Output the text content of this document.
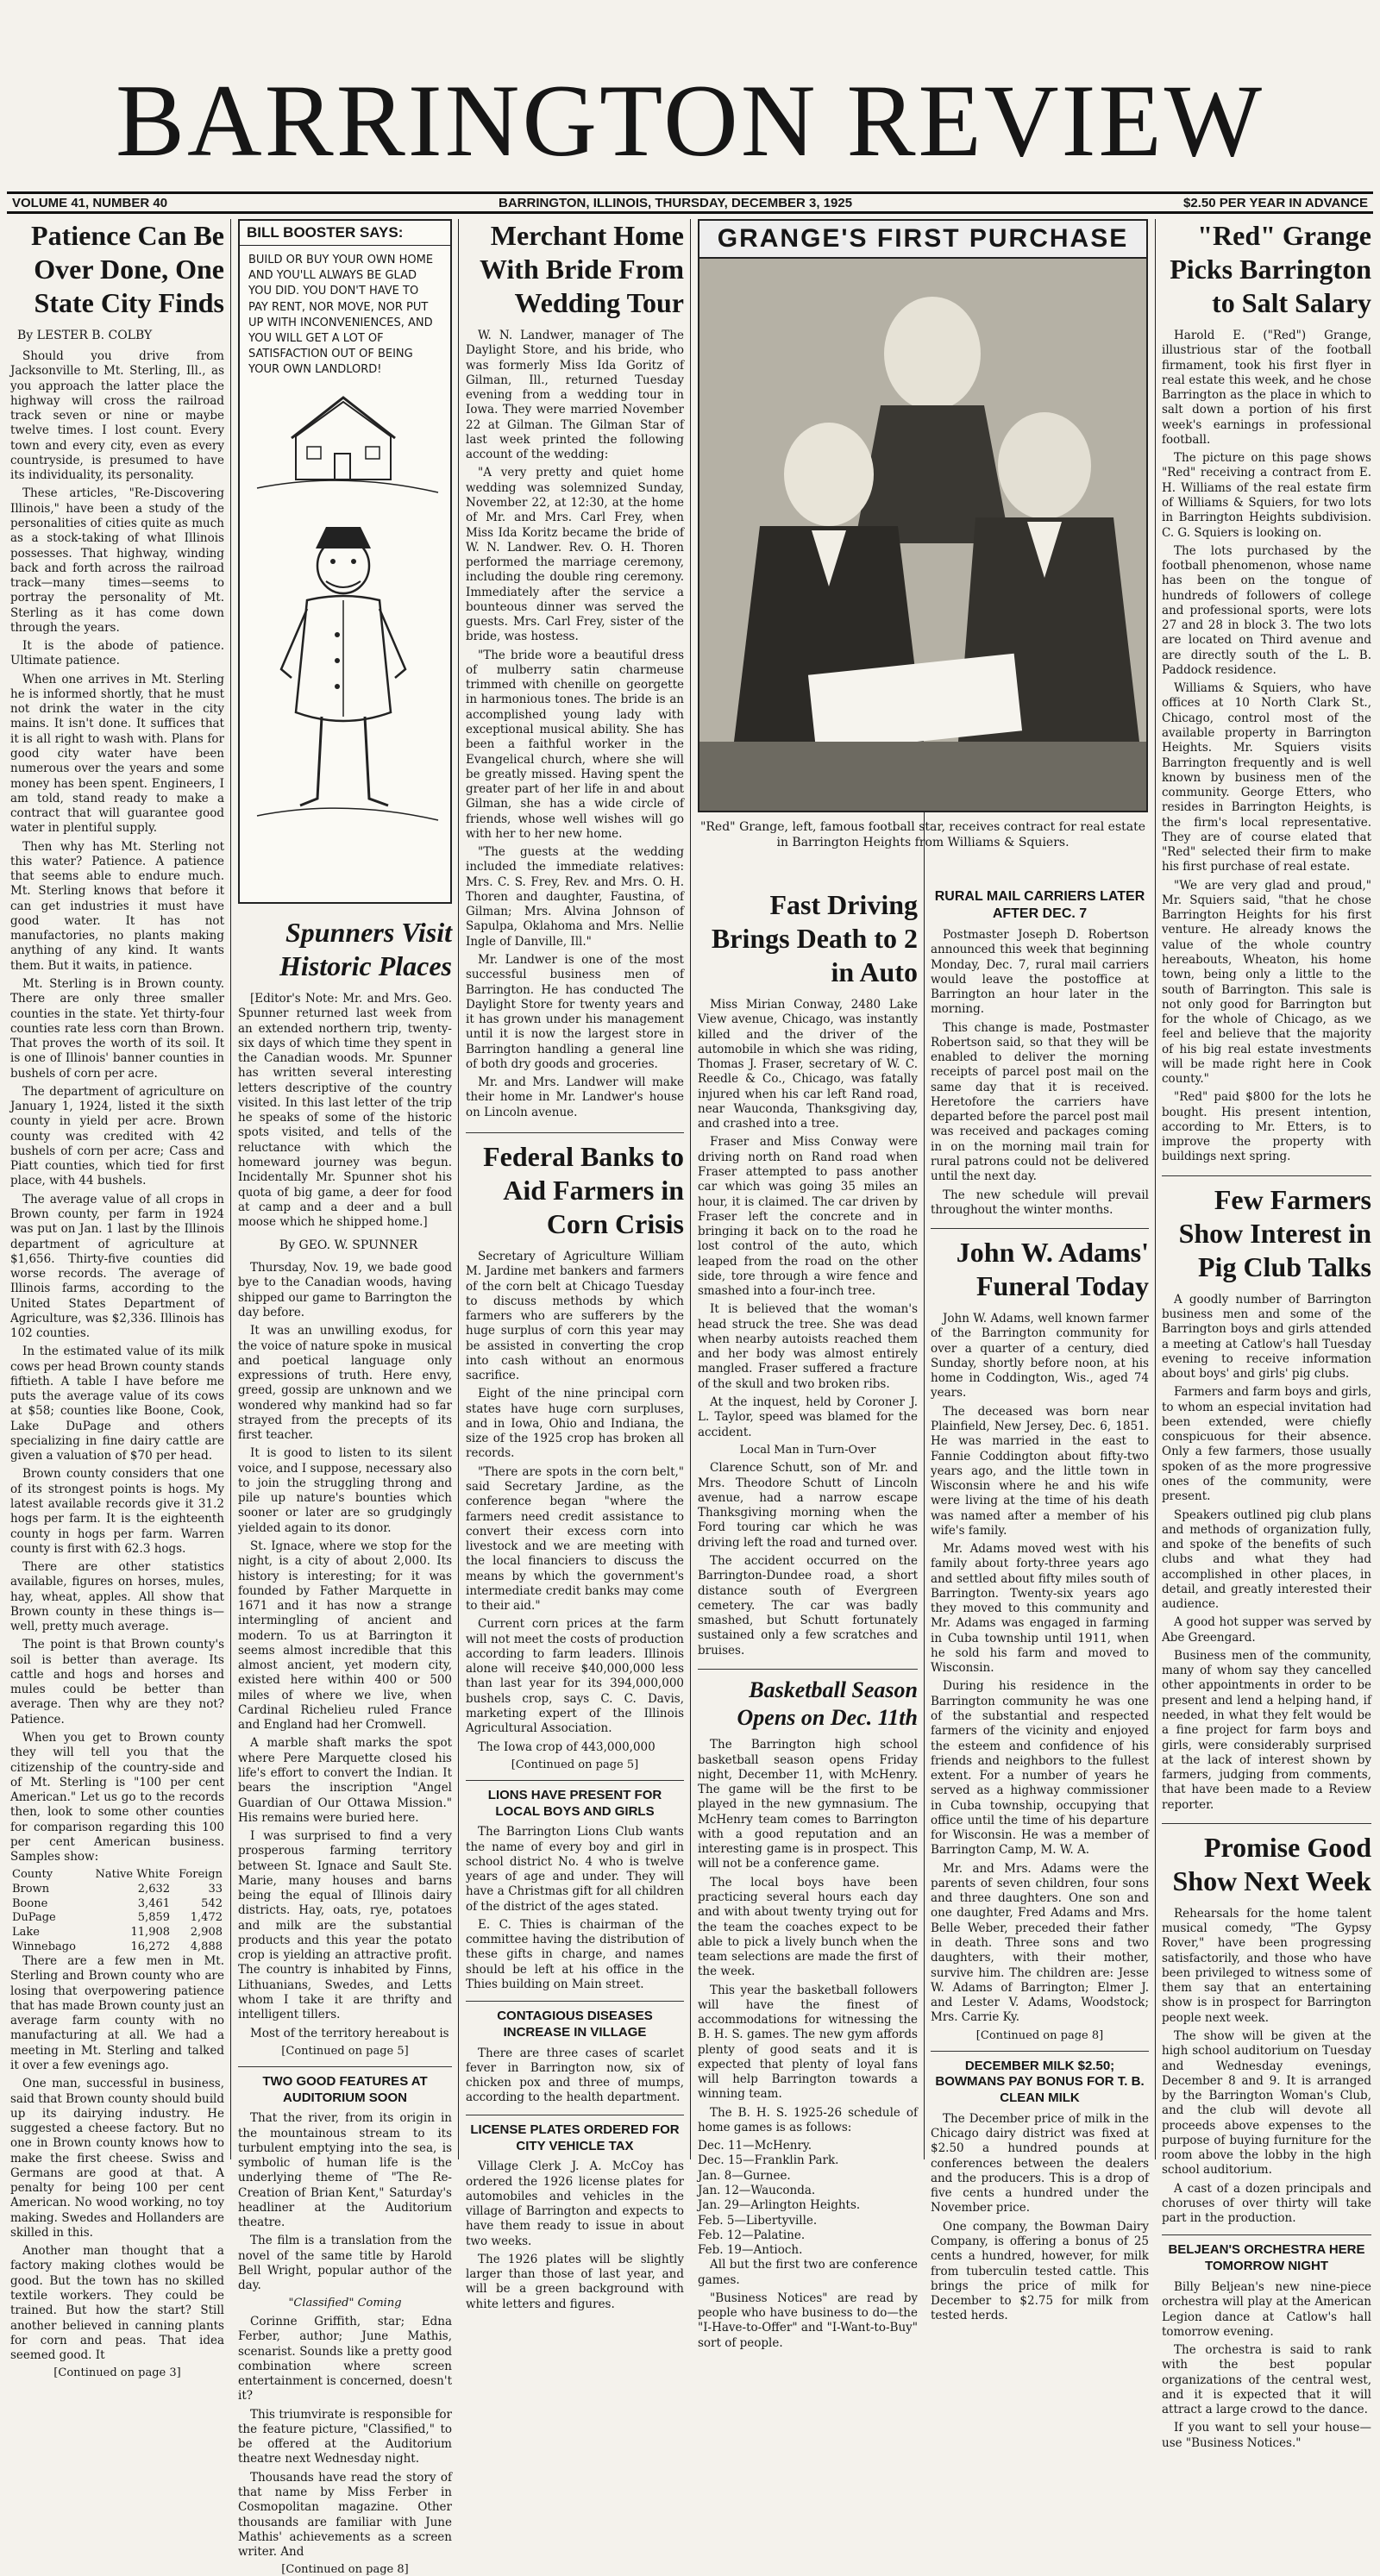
BARRINGTON REVIEW
VOLUME 41, NUMBER 40	BARRINGTON, ILLINOIS, THURSDAY, DECEMBER 3, 1925	$2.50 PER YEAR IN ADVANCE
Patience Can Be Over Done, One State City Finds
By LESTER B. COLBY

Should you drive from Jacksonville to Mt. Sterling, Ill., as you approach the latter place the highway will cross the railroad track seven or nine or maybe twelve times. I lost count. Every town and every city, even as every countryside, is presumed to have its individuality, its personality.

These articles, "Re-Discovering Illinois," have been a study of the personalities of cities quite as much as a stock-taking of what Illinois possesses. That highway, winding back and forth across the railroad track—many times—seems to portray the personality of Mt. Sterling as it has come down through the years.

It is the abode of patience. Ultimate patience.

When one arrives in Mt. Sterling he is informed shortly, that he must not drink the water in the city mains. It isn't done. It suffices that it is all right to wash with. Plans for good city water have been numerous over the years and some money has been spent. Engineers, I am told, stand ready to make a contract that will guarantee good water in plentiful supply.

Then why has Mt. Sterling not this water? Patience. A patience that seems able to endure much. Mt. Sterling knows that before it can get industries it must have good water. It has not manufactories, no plants making anything of any kind. It wants them. But it waits, in patience.

Mt. Sterling is in Brown county. There are only three smaller counties in the state. Yet thirty-four counties rate less corn than Brown. That proves the worth of its soil. It is one of Illinois' banner counties in bushels of corn per acre.

The department of agriculture on January 1, 1924, listed it the sixth county in yield per acre. Brown county was credited with 42 bushels of corn per acre; Cass and Piatt counties, which tied for first place, with 44 bushels.

The average value of all crops in Brown county, per farm in 1924 was put on Jan. 1 last by the Illinois department of agriculture at $1,656. Thirty-five counties did worse records. The average of Illinois farms, according to the United States Department of Agriculture, was $2,336. Illinois has 102 counties.

In the estimated value of its milk cows per head Brown county stands fiftieth. A table I have before me puts the average value of its cows at $58; counties like Boone, Cook, Lake DuPage and others specializing in fine dairy cattle are given a valuation of $70 per head.

Brown county considers that one of its strongest points is hogs. My latest available records give it 31.2 hogs per farm. It is the eighteenth county in hogs per farm. Warren county is first with 62.3 hogs.

There are other statistics available, figures on horses, mules, hay, wheat, apples. All show that Brown county in these things is—well, pretty much average.

The point is that Brown county's soil is better than average. Its cattle and hogs and horses and mules could be better than average. Then why are they not? Patience.

When you get to Brown county they will tell you that the citizenship of the country-side and of Mt. Sterling is "100 per cent American." Let us go to the records then, look to some other counties for comparison regarding this 100 per cent American business. Samples show:

County	Native White	Foreign
Brown	2,632	33
Boone	3,461	542
DuPage	5,859	1,472
Lake	11,908	2,908
Winnebago	16,272	4,888

There are a few men in Mt. Sterling and Brown county who are losing that overpowering patience that has made Brown county just an average farm county with no manufacturing at all. We had a meeting in Mt. Sterling and talked it over a few evenings ago.

One man, successful in business, said that Brown county should build up its dairying industry. He suggested a cheese factory. But no one in Brown county knows how to make the first cheese. Swiss and Germans are good at that. A penalty for being 100 per cent American. No wood working, no toy making. Swedes and Hollanders are skilled in this.

Another man thought that a factory making clothes would be good. But the town has no skilled textile workers. They could be trained. But how the start? Still another believed in canning plants for corn and peas. That idea seemed good. It

[Continued on page 3]
BILL BOOSTER SAYS:
BUILD OR BUY YOUR OWN HOME AND YOU'LL ALWAYS BE GLAD YOU DID. YOU DON'T HAVE TO PAY RENT, NOR MOVE, NOR PUT UP WITH INCONVENIENCES, AND YOU WILL GET A LOT OF SATISFACTION OUT OF BEING YOUR OWN LANDLORD!
Spunners Visit Historic Places

[Editor's Note: Mr. and Mrs. Geo. Spunner returned last week from an extended northern trip, twenty-six days of which time they spent in the Canadian woods. Mr. Spunner has written several interesting letters descriptive of the country visited. In this last letter of the trip he speaks of some of the historic spots visited, and tells of the reluctance with which the homeward journey was begun. Incidentally Mr. Spunner shot his quota of big game, a deer for food at camp and a deer and a bull moose which he shipped home.]

By GEO. W. SPUNNER

Thursday, Nov. 19, we bade good bye to the Canadian woods, having shipped our game to Barrington the day before.

It was an unwilling exodus, for the voice of nature spoke in musical and poetical language only expressions of truth. Here envy, greed, gossip are unknown and we wondered why mankind had so far strayed from the precepts of its first teacher.

It is good to listen to its silent voice, and I suppose, necessary also to join the struggling throng and pile up nature's bounties which sooner or later are so grudgingly yielded again to its donor.

St. Ignace, where we stop for the night, is a city of about 2,000. Its history is interesting; for it was founded by Father Marquette in 1671 and it has now a strange intermingling of ancient and modern. To us at Barrington it seems almost incredible that this almost ancient, yet modern city, existed here within 400 or 500 miles of where we live, when Cardinal Richelieu ruled France and England had her Cromwell.

A marble shaft marks the spot where Pere Marquette closed his life's effort to convert the Indian. It bears the inscription "Angel Guardian of Our Ottawa Mission." His remains were buried here.

I was surprised to find a very prosperous farming territory between St. Ignace and Sault Ste. Marie, many houses and barns being the equal of Illinois dairy districts. Hay, oats, rye, potatoes and milk are the substantial products and this year the potato crop is yielding an attractive profit. The country is inhabited by Finns, Lithuanians, Swedes, and Letts whom I take it are thrifty and intelligent tillers.

Most of the territory hereabout is

[Continued on page 5]
TWO GOOD FEATURES AT AUDITORIUM SOON

That the river, from its origin in the mountainous stream to its turbulent emptying into the sea, is symbolic of human life is the underlying theme of "The Re-Creation of Brian Kent," Saturday's headliner at the Auditorium theatre.

The film is a translation from the novel of the same title by Harold Bell Wright, popular author of the day.

"Classified" Coming

Corinne Griffith, star; Edna Ferber, author; June Mathis, scenarist. Sounds like a pretty good combination where screen entertainment is concerned, doesn't it?

This triumvirate is responsible for the feature picture, "Classified," to be offered at the Auditorium theatre next Wednesday night.

Thousands have read the story of that name by Miss Ferber in Cosmopolitan magazine. Other thousands are familiar with June Mathis' achievements as a screen writer. And

[Continued on page 8]
Merchant Home With Bride From Wedding Tour

W. N. Landwer, manager of The Daylight Store, and his bride, who was formerly Miss Ida Goritz of Gilman, Ill., returned Tuesday evening from a wedding tour in Iowa. They were married November 22 at Gilman. The Gilman Star of last week printed the following account of the wedding:

"A very pretty and quiet home wedding was solemnized Sunday, November 22, at 12:30, at the home of Mr. and Mrs. Carl Frey, when Miss Ida Koritz became the bride of W. N. Landwer. Rev. O. H. Thoren performed the marriage ceremony, including the double ring ceremony. Immediately after the service a bounteous dinner was served the guests. Mrs. Carl Frey, sister of the bride, was hostess.

"The bride wore a beautiful dress of mulberry satin charmeuse trimmed with chenille on georgette in harmonious tones. The bride is an accomplished young lady with exceptional musical ability. She has been a faithful worker in the Evangelical church, where she will be greatly missed. Having spent the greater part of her life in and about Gilman, she has a wide circle of friends, whose well wishes will go with her to her new home.

"The guests at the wedding included the immediate relatives: Mrs. C. S. Frey, Rev. and Mrs. O. H. Thoren and daughter, Faustina, of Gilman; Mrs. Alvina Johnson of Sapulpa, Oklahoma and Mrs. Nellie Ingle of Danville, Ill."

Mr. Landwer is one of the most successful business men of Barrington. He has conducted The Daylight Store for twenty years and it has grown under his management until it is now the largest store in Barrington handling a general line of both dry goods and groceries.

Mr. and Mrs. Landwer will make their home in Mr. Landwer's house on Lincoln avenue.

Federal Banks to Aid Farmers in Corn Crisis

Secretary of Agriculture William M. Jardine met bankers and farmers of the corn belt at Chicago Tuesday to discuss methods by which farmers who are sufferers by the huge surplus of corn this year may be assisted in converting the crop into cash without an enormous sacrifice.

Eight of the nine principal corn states have huge corn surpluses, and in Iowa, Ohio and Indiana, the size of the 1925 crop has broken all records.

"There are spots in the corn belt," said Secretary Jardine, as the conference began "where the farmers need credit assistance to convert their excess corn into livestock and we are meeting with the local financiers to discuss the means by which the government's intermediate credit banks may come to their aid."

Current corn prices at the farm will not meet the costs of production according to farm leaders. Illinois alone will receive $40,000,000 less than last year for its 394,000,000 bushels crop, says C. C. Davis, marketing expert of the Illinois Agricultural Association.

The Iowa crop of 443,000,000

[Continued on page 5]
LIONS HAVE PRESENT FOR LOCAL BOYS AND GIRLS

The Barrington Lions Club wants the name of every boy and girl in school district No. 4 who is twelve years of age and under. They will have a Christmas gift for all children of the district of the ages stated.

E. C. Thies is chairman of the committee having the distribution of these gifts in charge, and names should be left at his office in the Thies building on Main street.

CONTAGIOUS DISEASES INCREASE IN VILLAGE

There are three cases of scarlet fever in Barrington now, six of chicken pox and three of mumps, according to the health department.

LICENSE PLATES ORDERED FOR CITY VEHICLE TAX

Village Clerk J. A. McCoy has ordered the 1926 license plates for automobiles and vehicles in the village of Barrington and expects to have them ready to issue in about two weeks.

The 1926 plates will be slightly larger than those of last year, and will be a green background with white letters and figures.

GRANGE'S FIRST PURCHASE
"Red" Grange, left, famous football star, receives contract for real estate in Barrington Heights from Williams & Squiers.
Fast Driving Brings Death to 2 in Auto

Miss Mirian Conway, 2480 Lake View avenue, Chicago, was instantly killed and the driver of the automobile in which she was riding, Thomas J. Fraser, secretary of W. C. Reedle & Co., Chicago, was fatally injured when his car left Rand road, near Wauconda, Thanksgiving day, and crashed into a tree.

Fraser and Miss Conway were driving north on Rand road when Fraser attempted to pass another car which was going 35 miles an hour, it is claimed. The car driven by Fraser left the concrete and in bringing it back on to the road he lost control of the auto, which leaped from the road on the other side, tore through a wire fence and smashed into a four-inch tree.

It is believed that the woman's head struck the tree. She was dead when nearby autoists reached them and her body was almost entirely mangled. Fraser suffered a fracture of the skull and two broken ribs.

At the inquest, held by Coroner J. L. Taylor, speed was blamed for the accident.

Local Man in Turn-Over

Clarence Schutt, son of Mr. and Mrs. Theodore Schutt of Lincoln avenue, had a narrow escape Thanksgiving morning when the Ford touring car which he was driving left the road and turned over.

The accident occurred on the Barrington-Dundee road, a short distance south of Evergreen cemetery. The car was badly smashed, but Schutt fortunately sustained only a few scratches and bruises.

Basketball Season Opens on Dec. 11th

The Barrington high school basketball season opens Friday night, December 11, with McHenry. The game will be the first to be played in the new gymnasium. The McHenry team comes to Barrington with a good reputation and an interesting game is in prospect. This will not be a conference game.

The local boys have been practicing several hours each day and with about twenty trying out for the team the coaches expect to be able to pick a lively bunch when the team selections are made the first of the week.

This year the basketball followers will have the finest of accommodations for witnessing the B. H. S. games. The new gym affords plenty of good seats and it is expected that plenty of loyal fans will help Barrington towards a winning team.

The B. H. S. 1925-26 schedule of home games is as follows:

Dec. 11—McHenry.
Dec. 15—Franklin Park.
Jan. 8—Gurnee.
Jan. 12—Wauconda.
Jan. 29—Arlington Heights.
Feb. 5—Libertyville.
Feb. 12—Palatine.
Feb. 19—Antioch.

All but the first two are conference games.

"Business Notices" are read by people who have business to do—the "I-Have-to-Offer" and "I-Want-to-Buy" sort of people.

RURAL MAIL CARRIERS LATER AFTER DEC. 7

Postmaster Joseph D. Robertson announced this week that beginning Monday, Dec. 7, rural mail carriers would leave the postoffice at Barrington an hour later in the morning.

This change is made, Postmaster Robertson said, so that they will be enabled to deliver the morning receipts of parcel post mail on the same day that it is received. Heretofore the carriers have departed before the parcel post mail was received and packages coming in on the morning mail train for rural patrons could not be delivered until the next day.

The new schedule will prevail throughout the winter months.

John W. Adams' Funeral Today

John W. Adams, well known farmer of the Barrington community for over a quarter of a century, died Sunday, shortly before noon, at his home in Coddington, Wis., aged 74 years.

The deceased was born near Plainfield, New Jersey, Dec. 6, 1851. He was married in the east to Fannie Coddington about fifty-two years ago, and the little town in Wisconsin where he and his wife were living at the time of his death was named after a member of his wife's family.

Mr. Adams moved west with his family about forty-three years ago and settled about fifty miles south of Barrington. Twenty-six years ago they moved to this community and Mr. Adams was engaged in farming in Cuba township until 1911, when he sold his farm and moved to Wisconsin.

During his residence in the Barrington community he was one of the substantial and respected farmers of the vicinity and enjoyed the esteem and confidence of his friends and neighbors to the fullest extent. For a number of years he served as a highway commissioner in Cuba township, occupying that office until the time of his departure for Wisconsin. He was a member of Barrington Camp, M. W. A.

Mr. and Mrs. Adams were the parents of seven children, four sons and three daughters. One son and one daughter, Fred Adams and Mrs. Belle Weber, preceded their father in death. Three sons and two daughters, with their mother, survive him. The children are: Jesse W. Adams of Barrington; Elmer J. and Lester V. Adams, Woodstock; Mrs. Carrie Ky.

[Continued on page 8]
DECEMBER MILK $2.50; BOWMANS PAY BONUS FOR T. B. CLEAN MILK

The December price of milk in the Chicago dairy district was fixed at $2.50 a hundred pounds at conferences between the dealers and the producers. This is a drop of five cents a hundred under the November price.

One company, the Bowman Dairy Company, is offering a bonus of 25 cents a hundred, however, for milk from tuberculin tested cattle. This brings the price of milk for December to $2.75 for milk from tested herds.

"Red" Grange Picks Barrington to Salt Salary

Harold E. ("Red") Grange, illustrious star of the football firmament, took his first flyer in real estate this week, and he chose Barrington as the place in which to salt down a portion of his first week's earnings in professional football.

The picture on this page shows "Red" receiving a contract from E. H. Williams of the real estate firm of Williams & Squiers, for two lots in Barrington Heights subdivision. C. G. Squiers is looking on.

The lots purchased by the football phenomenon, whose name has been on the tongue of hundreds of followers of college and professional sports, were lots 27 and 28 in block 3. The two lots are located on Third avenue and are directly south of the L. B. Paddock residence.

Williams & Squiers, who have offices at 10 North Clark St., Chicago, control most of the available property in Barrington Heights. Mr. Squiers visits Barrington frequently and is well known by business men of the community. George Etters, who resides in Barrington Heights, is the firm's local representative. They are of course elated that "Red" selected their firm to make his first purchase of real estate.

"We are very glad and proud," Mr. Squiers said, "that he chose Barrington Heights for his first venture. He already knows the value of the whole country hereabouts, Wheaton, his home town, being only a little to the south of Barrington. This sale is not only good for Barrington but for the whole of Chicago, as we feel and believe that the majority of his big real estate investments will be made right here in Cook county."

"Red" paid $800 for the lots he bought. His present intention, according to Mr. Etters, is to improve the property with buildings next spring.

Few Farmers Show Interest in Pig Club Talks

A goodly number of Barrington business men and some of the Barrington boys and girls attended a meeting at Catlow's hall Tuesday evening to receive information about boys' and girls' pig clubs.

Farmers and farm boys and girls, to whom an especial invitation had been extended, were chiefly conspicuous for their absence. Only a few farmers, those usually spoken of as the more progressive ones of the community, were present.

Speakers outlined pig club plans and methods of organization fully, and spoke of the benefits of such clubs and what they had accomplished in other places, in detail, and greatly interested their audience.

A good hot supper was served by Abe Greengard.

Business men of the community, many of whom say they cancelled other appointments in order to be present and lend a helping hand, if needed, in what they felt would be a fine project for farm boys and girls, were considerably surprised at the lack of interest shown by farmers, judging from comments, that have been made to a Review reporter.

Promise Good Show Next Week

Rehearsals for the home talent musical comedy, "The Gypsy Rover," have been progressing satisfactorily, and those who have been privileged to witness some of them say that an entertaining show is in prospect for Barrington people next week.

The show will be given at the high school auditorium on Tuesday and Wednesday evenings, December 8 and 9. It is arranged by the Barrington Woman's Club, and the club will devote all proceeds above expenses to the purpose of buying furniture for the room above the lobby in the high school auditorium.

A cast of a dozen principals and choruses of over thirty will take part in the production.

BELJEAN'S ORCHESTRA HERE TOMORROW NIGHT

Billy Beljean's new nine-piece orchestra will play at the American Legion dance at Catlow's hall tomorrow evening.

The orchestra is said to rank with the best popular organizations of the central west, and it is expected that it will attract a large crowd to the dance.

If you want to sell your house—use "Business Notices."
